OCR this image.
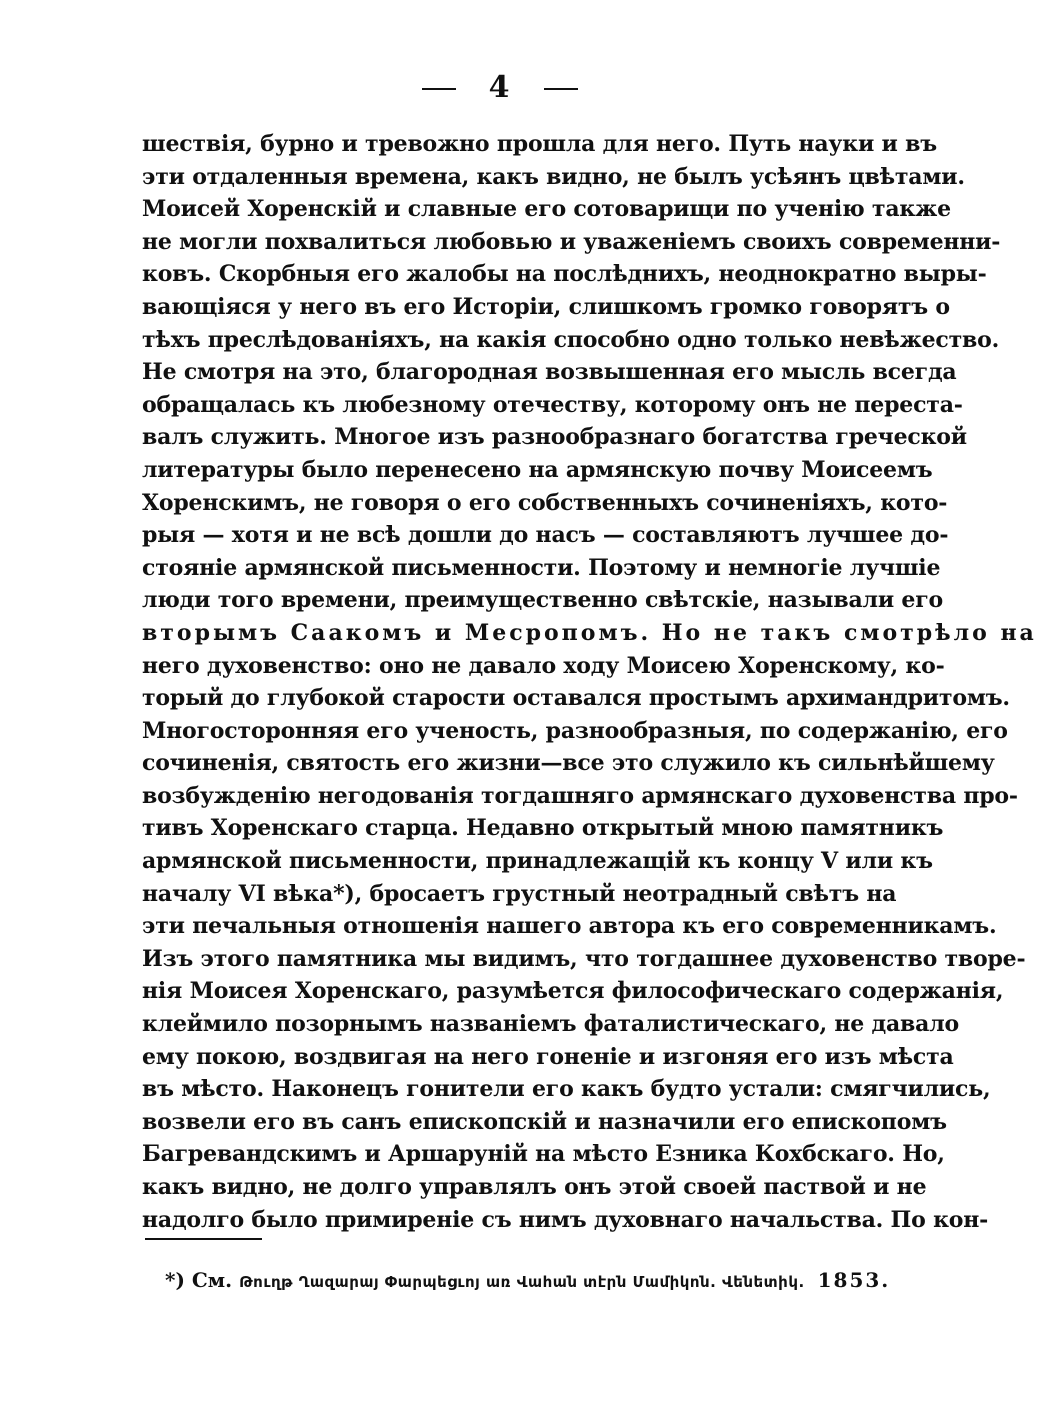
4
шествія, бурно и тревожно прошла для него. Путь науки и въ
эти отдаленныя времена, какъ видно, не былъ усѣянъ цвѣтами.
Моисей Хоренскій и славные его сотоварищи по ученію также
не могли похвалиться любовью и уваженіемъ своихъ современни-
ковъ. Скорбныя его жалобы на послѣднихъ, неоднократно выры-
вающіяся у него въ его Исторіи, слишкомъ громко говорятъ о
тѣхъ преслѣдованіяхъ, на какія способно одно только невѣжество.
Не смотря на это, благородная возвышенная его мысль всегда
обращалась къ любезному отечеству, которому онъ не переста-
валъ служить. Многое изъ разнообразнаго богатства греческой
литературы было перенесено на армянскую почву Моисеемъ
Хоренскимъ, не говоря о его собственныхъ сочиненіяхъ, кото-
рыя — хотя и не всѣ дошли до насъ — составляютъ лучшее до-
стояніе армянской письменности. Поэтому и немногіе лучшіе
люди того времени, преимущественно свѣтскіе, называли его
вторымъ Саакомъ и Месропомъ. Но не такъ смотрѣло на
него духовенство: оно не давало ходу Моисею Хоренскому, ко-
торый до глубокой старости оставался простымъ архимандритомъ.
Многосторонняя его ученость, разнообразныя, по содержанію, его
сочиненія, святость его жизни—все это служило къ сильнѣйшему
возбужденію негодованія тогдашняго армянскаго духовенства про-
тивъ Хоренскаго старца. Недавно открытый мною памятникъ
армянской письменности, принадлежащій къ концу V или къ
началу VI вѣка*), бросаетъ грустный неотрадный свѣтъ на
эти печальныя отношенія нашего автора къ его современникамъ.
Изъ этого памятника мы видимъ, что тогдашнее духовенство творе-
нія Моисея Хоренскаго, разумѣется философическаго содержанія,
клеймило позорнымъ названіемъ фаталистическаго, не давало
ему покою, воздвигая на него гоненіе и изгоняя его изъ мѣста
въ мѣсто. Наконецъ гонители его какъ будто устали: смягчились,
возвели его въ санъ епископскій и назначили его епископомъ
Багревандскимъ и Аршаруній на мѣсто Езника Кохбскаго. Но,
какъ видно, не долго управлялъ онъ этой своей паствой и не
надолго было примиреніе съ нимъ духовнаго начальства. По кон-
*) См. Թուղթ Ղազարայ Փարպեցւոյ առ Վահան տէրն Մամիկոն. Վենետիկ. 1853.
